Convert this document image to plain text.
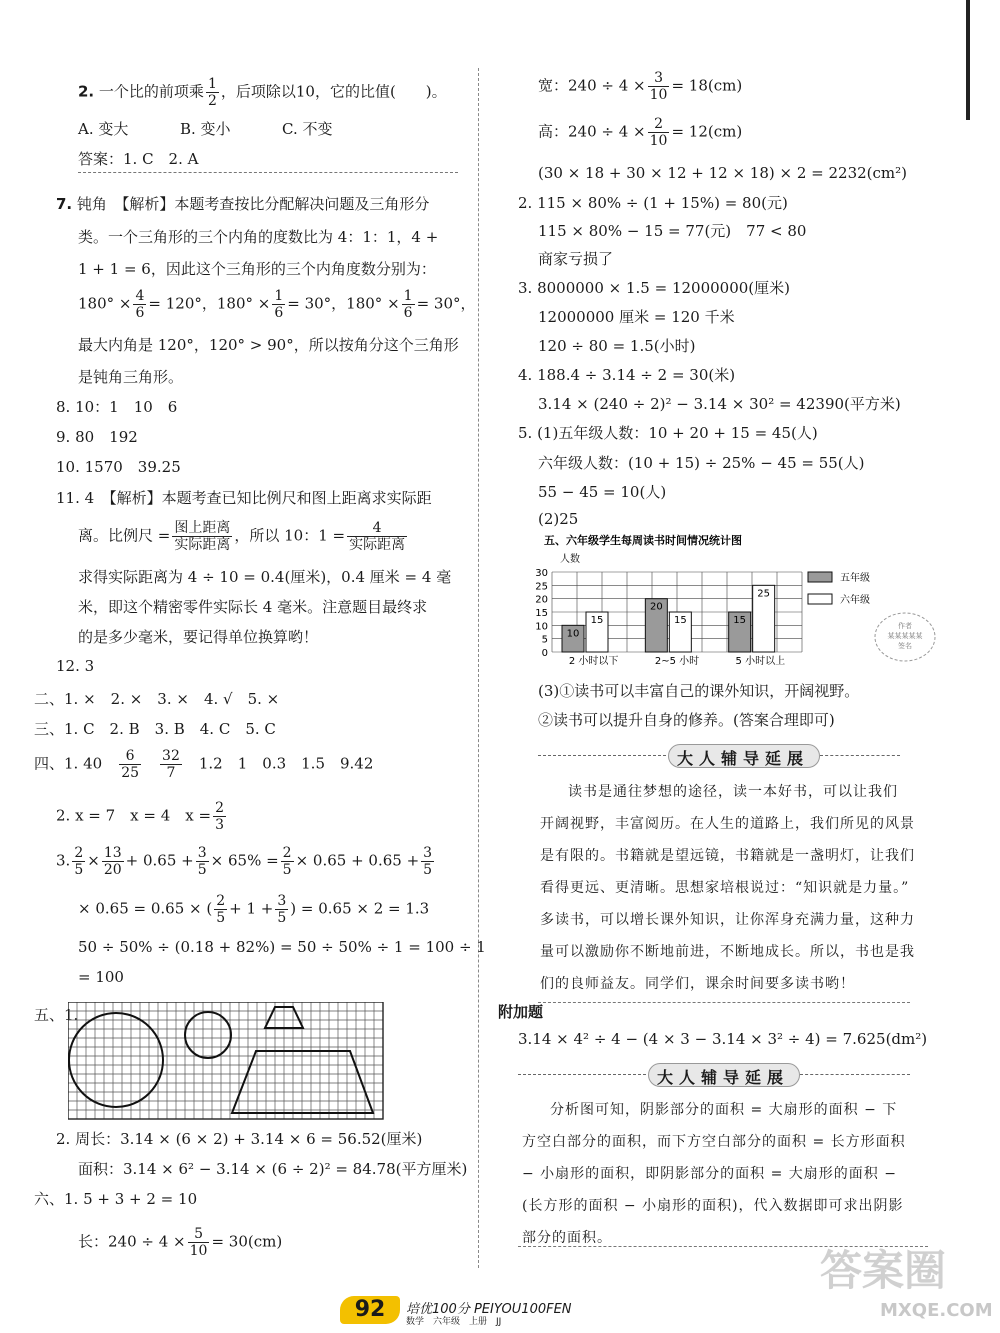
2. 一个比的前项乘 $\frac{1}{2}$ ，后项除以10，它的比值(　　)。
A. 变大	B. 变小	C. 不变
答案：1. C　2. A
7. 钝角　【解析】本题考查按比分配解决问题及三角形分
类。一个三角形的三个内角的度数比为 4：1：1，4 +
1 + 1 = 6，因此这个三角形的三个内角度数分别为：
$180^\circ \times \frac{4}{6} = 120^\circ$，$180^\circ \times \frac{1}{6} = 30^\circ$，$180^\circ \times \frac{1}{6} = 30^\circ$，
最大内角是 120°，120° > 90°，所以按角分这个三角形
是钝角三角形。
8. 10：1　10　6
9. 80　192
10. 1570　39.25
11. 4　【解析】本题考查已知比例尺和图上距离求实际距
离。比例尺 = $\frac{\text{图上距离}}{\text{实际距离}}$ ，所以 10：$1 = \frac{4}{\text{实际距离}}$
求得实际距离为 4 ÷ 10 = 0.4(厘米)，0.4 厘米 = 4 毫
米，即这个精密零件实际长 4 毫米。注意题目最终求
的是多少毫米，要记得单位换算哟！
12. 3
二、1. ×　2. ×　3. ×　4. √　5. ×
三、1. C　2. B　3. B　4. C　5. C
四、1. 40　 $\frac{6}{25}$
　 $\frac{32}{7}$
　 1.2　1　0.3　1.5　9.42
2. x = 7　x = 4　$x = \frac{2}{3}$
3. $\frac{2}{5} \times \frac{13}{20} + 0.65 + \frac{3}{5} \times 65\% = \frac{2}{5} \times 0.65 + 0.65 + \frac{3}{5}$
× 0.65 = 0.65 × ( $\frac{2}{5} + 1 + \frac{3}{5}$ ) = 0.65 × 2 = 1.3
50 ÷ 50% ÷ (0.18 + 82%) = 50 ÷ 50% ÷ 1 = 100 ÷ 1
= 100
五、1.
2. 周长：3.14 × (6 × 2) + 3.14 × 6 = 56.52(厘米)
面积：3.14 × 6² − 3.14 × (6 ÷ 2)² = 84.78(平方厘米)
六、1. 5 + 3 + 2 = 10
长：$240 \div 4 \times \frac{5}{10} = 30(cm)$
宽：$240 \div 4 \times \frac{3}{10} = 18(cm)$
高：$240 \div 4 \times \frac{2}{10} = 12(cm)$
(30 × 18 + 30 × 12 + 12 × 18) × 2 = 2232(cm²)
2. 115 × 80% ÷ (1 + 15%) = 80(元)
115 × 80% − 15 = 77(元)　77 < 80
商家亏损了
3. 8000000 × 1.5 = 12000000(厘米)
12000000 厘米 = 120 千米
120 ÷ 80 = 1.5(小时)
4. 188.4 ÷ 3.14 ÷ 2 = 30(米)
3.14 × (240 ÷ 2)² − 3.14 × 30² = 42390(平方米)
5. (1)五年级人数：10 + 20 + 15 = 45(人)
六年级人数：(10 + 15) ÷ 25% − 45 = 55(人)
55 − 45 = 10(人)
(2)25
五、六年级学生每周读书时间情况统计图
人数
0
5
10
15
20
25
30
10
15
2 小时以下
20
15
2~5 小时
15
25
5 小时以上
五年级
六年级
作者
某某某某某
签名
(3)①读书可以丰富自己的课外知识，开阔视野。
②读书可以提升自身的修养。(答案合理即可)
大人辅导延展
读书是通往梦想的途径，读一本好书，可以让我们
开阔视野，丰富阅历。在人生的道路上，我们所见的风景
是有限的。书籍就是望远镜，书籍就是一盏明灯，让我们
看得更远、更清晰。思想家培根说过：“知识就是力量。”
多读书，可以增长课外知识，让你浑身充满力量，这种力
量可以激励你不断地前进，不断地成长。所以，书也是我
们的良师益友。同学们，课余时间要多读书哟！
附加题
3.14 × 4² ÷ 4 − (4 × 3 − 3.14 × 3² ÷ 4) = 7.625(dm²)
大人辅导延展
分析图可知，阴影部分的面积 = 大扇形的面积 − 下
方空白部分的面积，而下方空白部分的面积 = 长方形面积
− 小扇形的面积，即阴影部分的面积 = 大扇形的面积 −
(长方形的面积 − 小扇形的面积)，代入数据即可求出阴影
部分的面积。
92	培优100分 PEIYOU100FEN
数学　六年级　上册　JJ
答案圈
MXQE.COM
